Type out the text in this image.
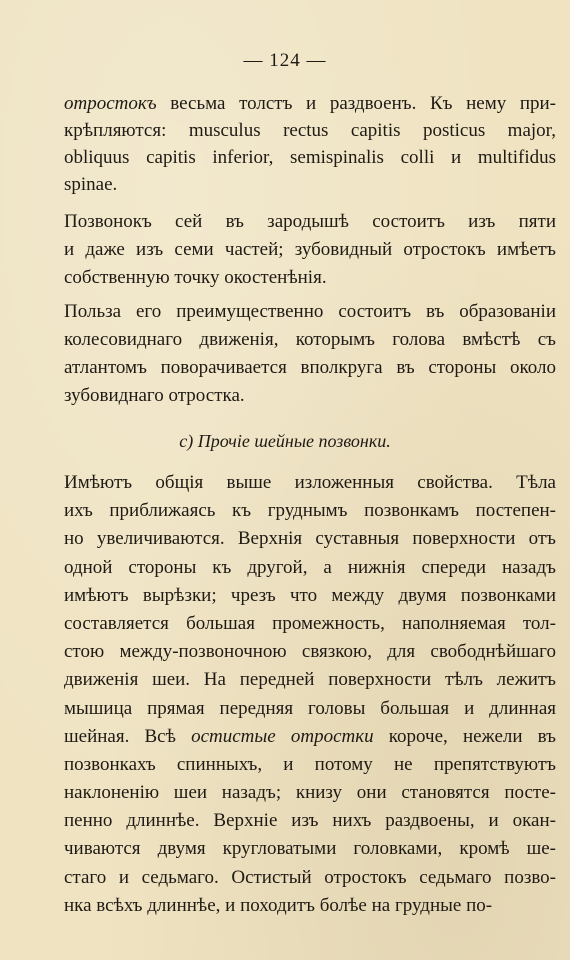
— 124 —
отростокъ весьма толстъ и раздвоенъ. Къ нему при-
крѣпляются: musculus rectus capitis posticus major,
obliquus capitis inferior, semispinalis colli и multifidus
spinae.
Позвонокъ сей въ зародышѣ состоитъ изъ пяти
и даже изъ семи частей; зубовидный отростокъ имѣетъ
собственную точку окостенѣнія.
Польза его преимущественно состоитъ въ образованіи
колесовиднаго движенія, которымъ голова вмѣстѣ съ
атлантомъ поворачивается вполкруга въ стороны около
зубовиднаго отростка.
c) Прочіе шейные позвонки.
Имѣютъ общія выше изложенныя свойства. Тѣла
ихъ приближаясь къ груднымъ позвонкамъ постепен-
но увеличиваются. Верхнія суставныя поверхности отъ
одной стороны къ другой, а нижнія спереди назадъ
имѣютъ вырѣзки; чрезъ что между двумя позвонками
составляется большая промежность, наполняемая тол-
стою между-позвоночною связкою, для свободнѣйшаго
движенія шеи. На передней поверхности тѣлъ лежитъ
мышица прямая передняя головы большая и длинная
шейная. Всѣ остистые отростки короче, нежели въ
позвонкахъ спинныхъ, и потому не препятствуютъ
наклоненію шеи назадъ; книзу они становятся посте-
пенно длиннѣе. Верхніе изъ нихъ раздвоены, и окан-
чиваются двумя кругловатыми головками, кромѣ ше-
стаго и седьмаго. Остистый отростокъ седьмаго позво-
нка всѣхъ длиннѣе, и походитъ болѣе на грудные по-
